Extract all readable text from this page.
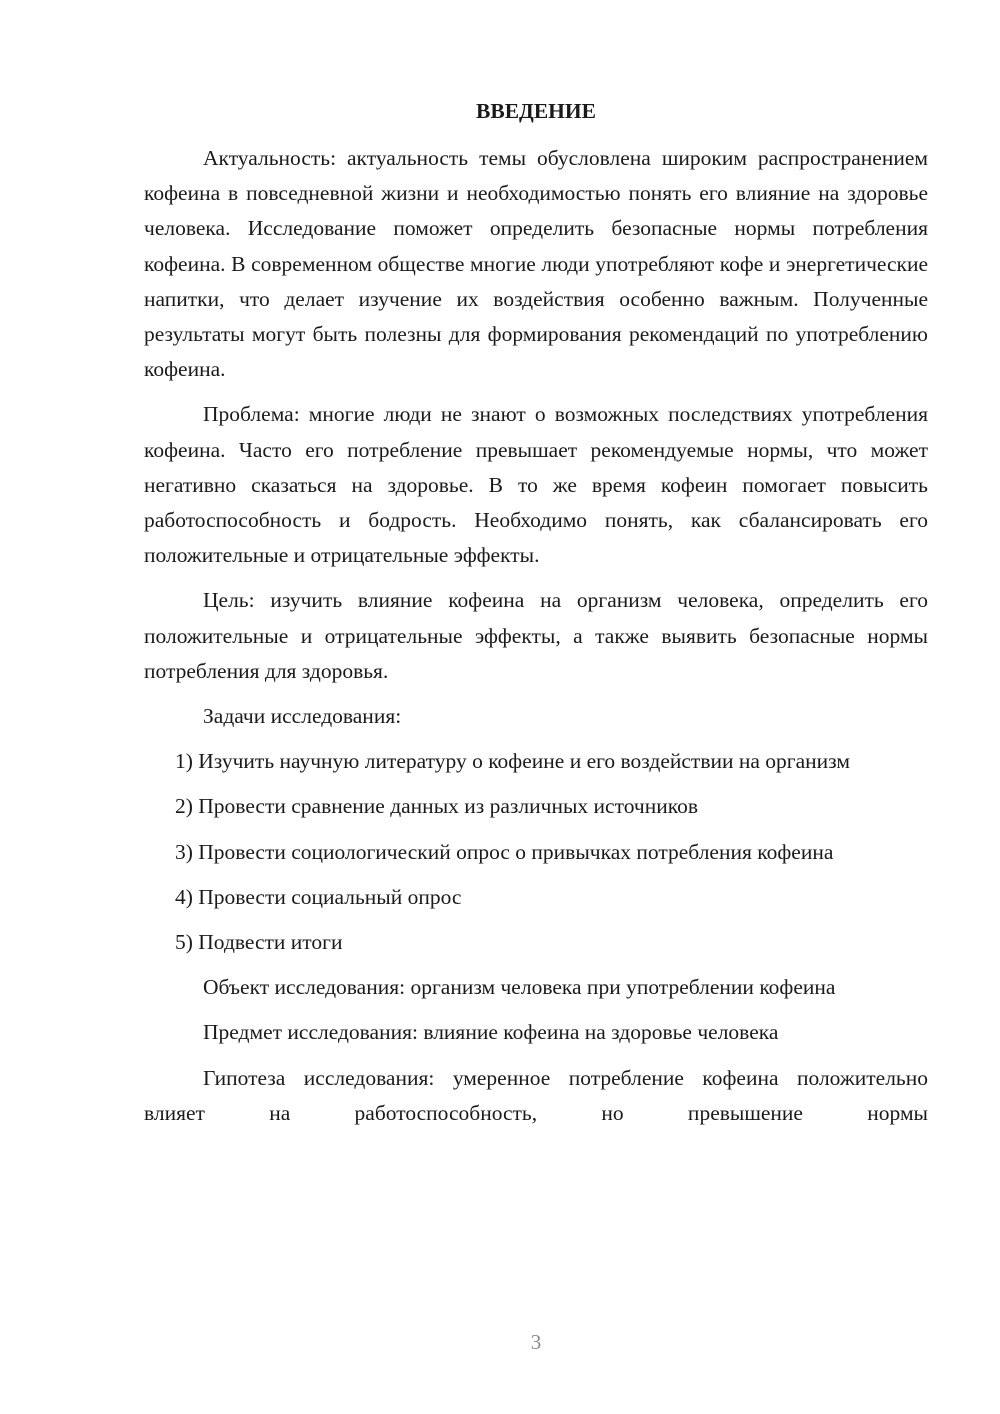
ВВЕДЕНИЕ

Актуальность: актуальность темы обусловлена широким распространением кофеина в повседневной жизни и необходимостью понять его влияние на здоровье человека. Исследование поможет определить безопасные нормы потребления кофеина. В современном обществе многие люди употребляют кофе и энергетические напитки, что делает изучение их воздействия особенно важным. Полученные результаты могут быть полезны для формирования рекомендаций по употреблению кофеина.

Проблема: многие люди не знают о возможных последствиях употребления кофеина. Часто его потребление превышает рекомендуемые нормы, что может негативно сказаться на здоровье. В то же время кофеин помогает повысить работоспособность и бодрость. Необходимо понять, как сбалансировать его положительные и отрицательные эффекты.

Цель: изучить влияние кофеина на организм человека, определить его положительные и отрицательные эффекты, а также выявить безопасные нормы потребления для здоровья.

Задачи исследования:

1) Изучить научную литературу о кофеине и его воздействии на организм

2) Провести сравнение данных из различных источников

3) Провести социологический опрос о привычках потребления кофеина

4) Провести социальный опрос

5) Подвести итоги

Объект исследования: организм человека при употреблении кофеина

Предмет исследования: влияние кофеина на здоровье человека

Гипотеза исследования: умеренное потребление кофеина положительно влияет на работоспособность, но превышение нормы

3
